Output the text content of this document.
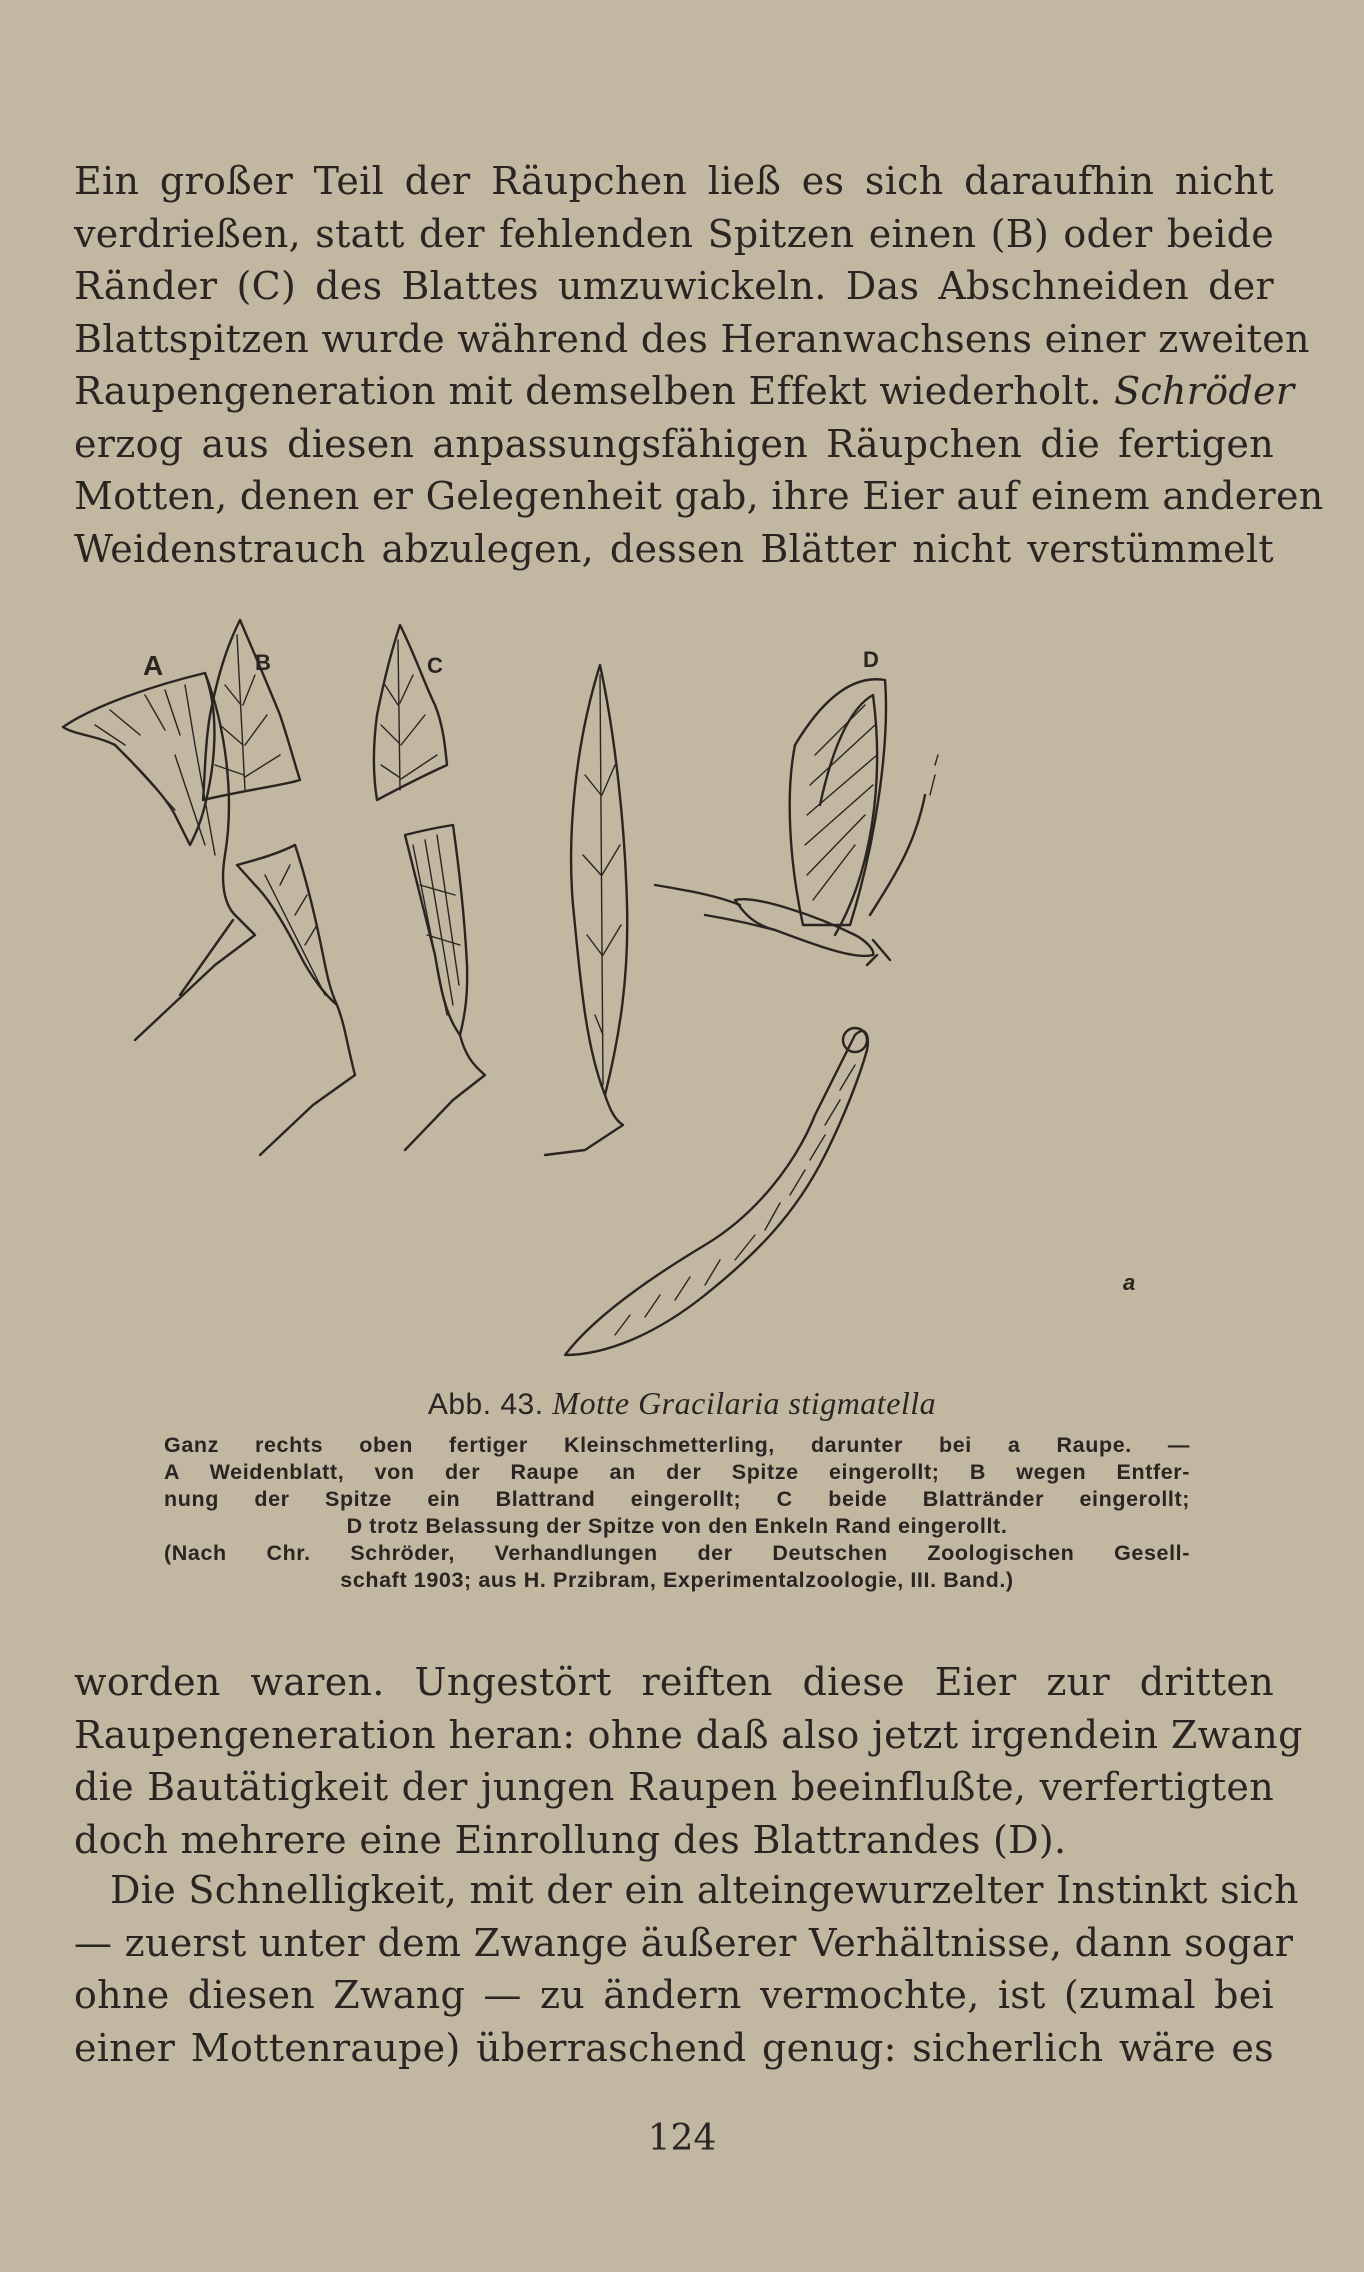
Ein großer Teil der Räupchen ließ es sich daraufhin nicht
verdrießen, statt der fehlenden Spitzen einen (B) oder beide
Ränder (C) des Blattes umzuwickeln. Das Abschneiden der
Blattspitzen wurde während des Heranwachsens einer zweiten
Raupengeneration mit demselben Effekt wiederholt. Schröder
erzog aus diesen anpassungsfähigen Räupchen die fertigen
Motten, denen er Gelegenheit gab, ihre Eier auf einem anderen
Weidenstrauch abzulegen, dessen Blätter nicht verstümmelt
A	B	C	D
a
Abb. 43. Motte Gracilaria stigmatella
Ganz rechts oben fertiger Kleinschmetterling, darunter bei a Raupe. —
A Weidenblatt, von der Raupe an der Spitze eingerollt; B wegen Entfer-
nung der Spitze ein Blattrand eingerollt; C beide Blattränder eingerollt;
D trotz Belassung der Spitze von den Enkeln Rand eingerollt.
(Nach Chr. Schröder, Verhandlungen der Deutschen Zoologischen Gesell-
schaft 1903; aus H. Przibram, Experimentalzoologie, III. Band.)
worden waren. Ungestört reiften diese Eier zur dritten
Raupengeneration heran: ohne daß also jetzt irgendein Zwang
die Bautätigkeit der jungen Raupen beeinflußte, verfertigten
doch mehrere eine Einrollung des Blattrandes (D).
Die Schnelligkeit, mit der ein alteingewurzelter Instinkt sich
— zuerst unter dem Zwange äußerer Verhältnisse, dann sogar
ohne diesen Zwang — zu ändern vermochte, ist (zumal bei
einer Mottenraupe) überraschend genug: sicherlich wäre es
124
